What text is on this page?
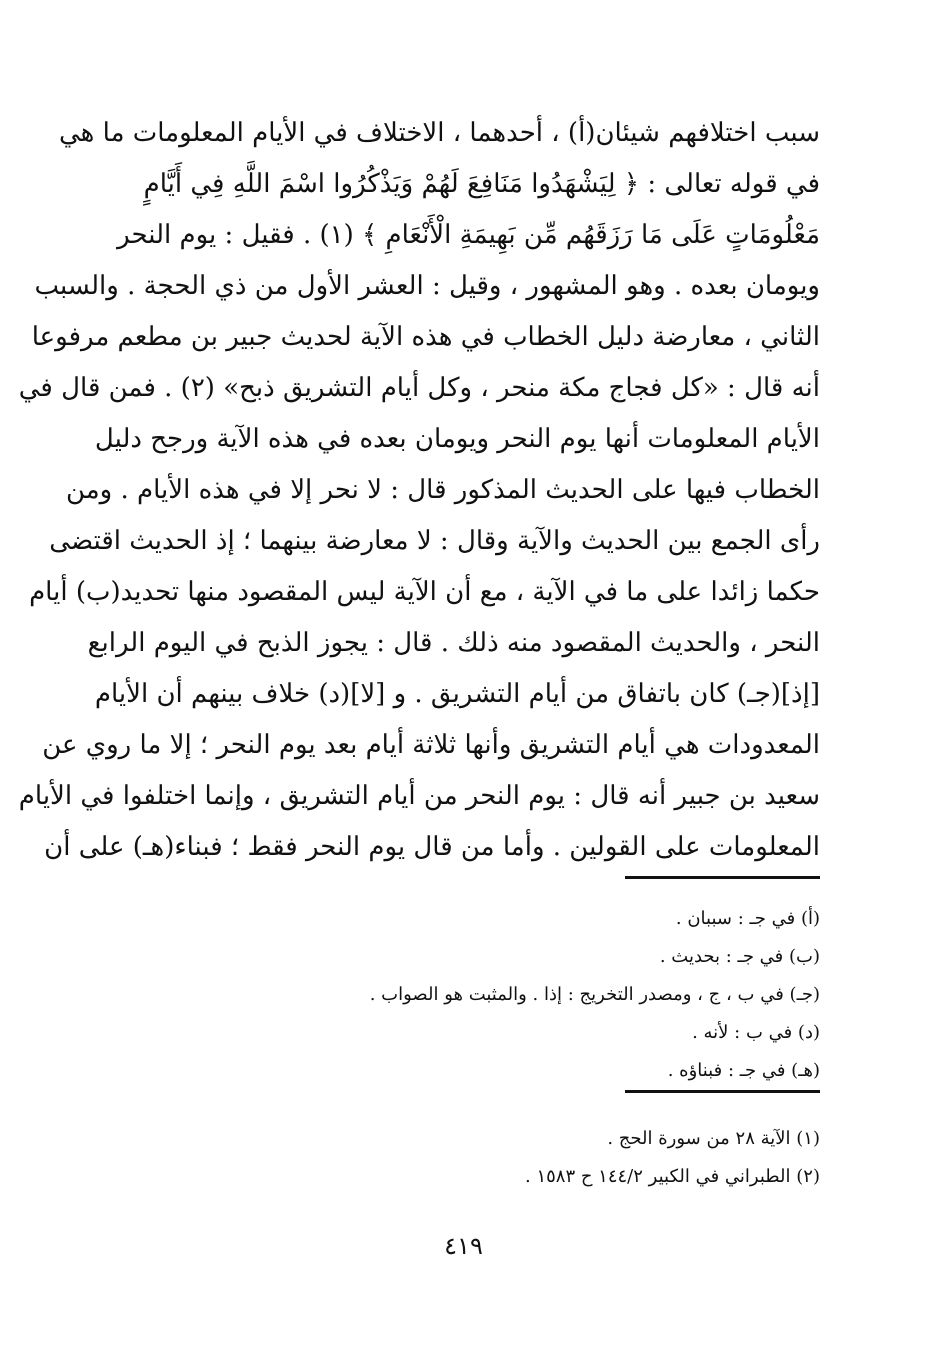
سبب اختلافهم شيئان(أ) ، أحدهما ، الاختلاف في الأيام المعلومات ما هي
في قوله تعالى : ﴿ لِيَشْهَدُوا مَنَافِعَ لَهُمْ وَيَذْكُرُوا اسْمَ اللَّهِ فِي أَيَّامٍ
مَعْلُومَاتٍ عَلَى مَا رَزَقَهُم مِّن بَهِيمَةِ الْأَنْعَامِ ﴾ (١) . فقيل : يوم النحر
ويومان بعده . وهو المشهور ، وقيل : العشر الأول من ذي الحجة . والسبب
الثاني ، معارضة دليل الخطاب في هذه الآية لحديث جبير بن مطعم مرفوعا
أنه قال : «كل فجاج مكة منحر ، وكل أيام التشريق ذبح» (٢) . فمن قال في
الأيام المعلومات أنها يوم النحر ويومان بعده في هذه الآية ورجح دليل
الخطاب فيها على الحديث المذكور قال : لا نحر إلا في هذه الأيام . ومن
رأى الجمع بين الحديث والآية وقال : لا معارضة بينهما ؛ إذ الحديث اقتضى
حكما زائدا على ما في الآية ، مع أن الآية ليس المقصود منها تحديد(ب) أيام
النحر ، والحديث المقصود منه ذلك . قال : يجوز الذبح في اليوم الرابع
[إذ](جـ) كان باتفاق من أيام التشريق . و [لا](د) خلاف بينهم أن الأيام
المعدودات هي أيام التشريق وأنها ثلاثة أيام بعد يوم النحر ؛ إلا ما روي عن
سعيد بن جبير أنه قال : يوم النحر من أيام التشريق ، وإنما اختلفوا في الأيام
المعلومات على القولين . وأما من قال يوم النحر فقط ؛ فبناء(هـ) على أن
(أ) في جـ : سببان .
(ب) في جـ : بحديث .
(جـ) في ب ، ج ، ومصدر التخريج : إذا . والمثبت هو الصواب .
(د) في ب : لأنه .
(هـ) في جـ : فبناؤه .
(١) الآية ٢٨ من سورة الحج .
(٢) الطبراني في الكبير ١٤٤/٢ ح ١٥٨٣ .
٤١٩
